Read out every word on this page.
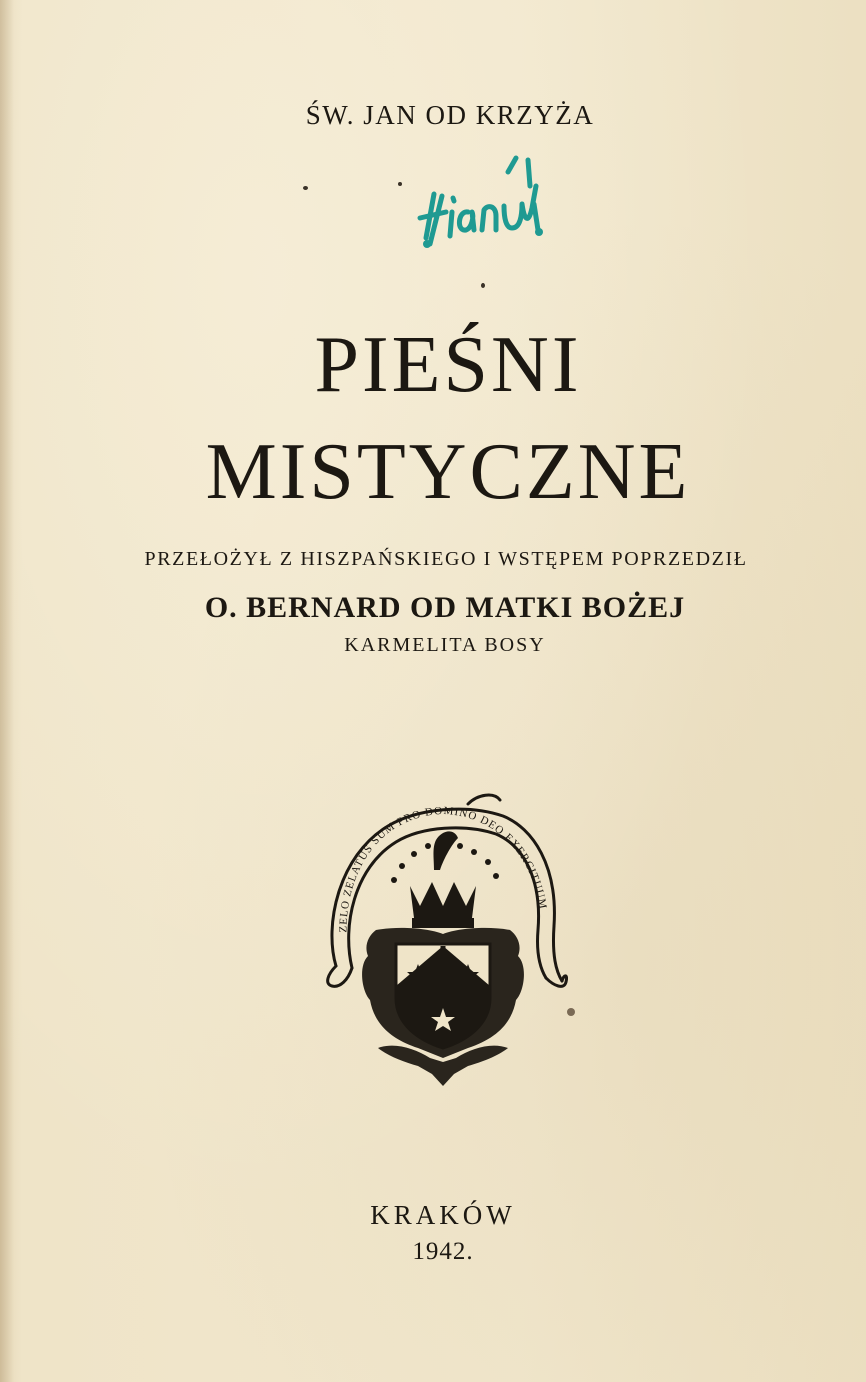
ŚW. JAN OD KRZYŻA
PIEŚNI
MISTYCZNE
PRZEŁOŻYŁ Z HISZPAŃSKIEGO I WSTĘPEM POPRZEDZIŁ
O. BERNARD OD MATKI BOŻEJ
KARMELITA BOSY
ZELO ZELATUS SUM PRO DOMINO DEO EXERCITUUM
KRAKÓW
1942.
